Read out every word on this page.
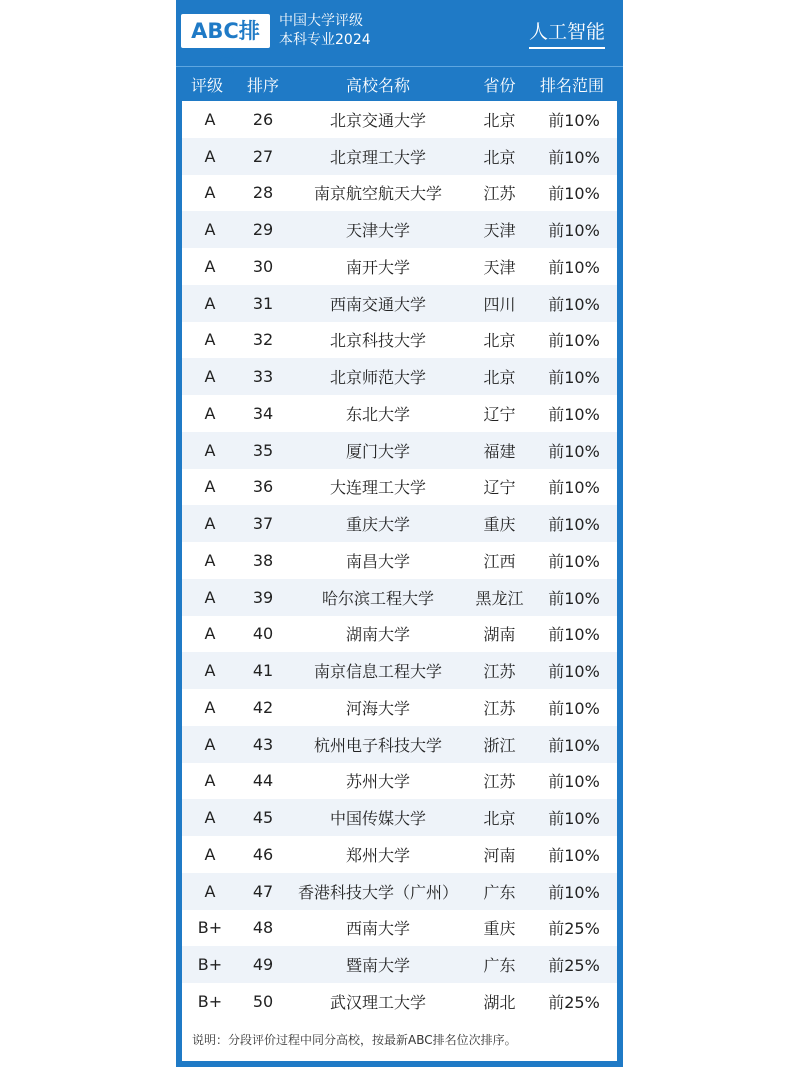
ABC排名
中国大学评级
本科专业2024	人工智能
评级	排序	高校名称	省份	排名范围
A	26	北京交通大学	北京	前10%
A	27	北京理工大学	北京	前10%
A	28	南京航空航天大学	江苏	前10%
A	29	天津大学	天津	前10%
A	30	南开大学	天津	前10%
A	31	西南交通大学	四川	前10%
A	32	北京科技大学	北京	前10%
A	33	北京师范大学	北京	前10%
A	34	东北大学	辽宁	前10%
A	35	厦门大学	福建	前10%
A	36	大连理工大学	辽宁	前10%
A	37	重庆大学	重庆	前10%
A	38	南昌大学	江西	前10%
A	39	哈尔滨工程大学	黑龙江	前10%
A	40	湖南大学	湖南	前10%
A	41	南京信息工程大学	江苏	前10%
A	42	河海大学	江苏	前10%
A	43	杭州电子科技大学	浙江	前10%
A	44	苏州大学	江苏	前10%
A	45	中国传媒大学	北京	前10%
A	46	郑州大学	河南	前10%
A	47	香港科技大学（广州）	广东	前10%
B+	48	西南大学	重庆	前25%
B+	49	暨南大学	广东	前25%
B+	50	武汉理工大学	湖北	前25%
说明：分段评价过程中同分高校，按最新ABC排名位次排序。
